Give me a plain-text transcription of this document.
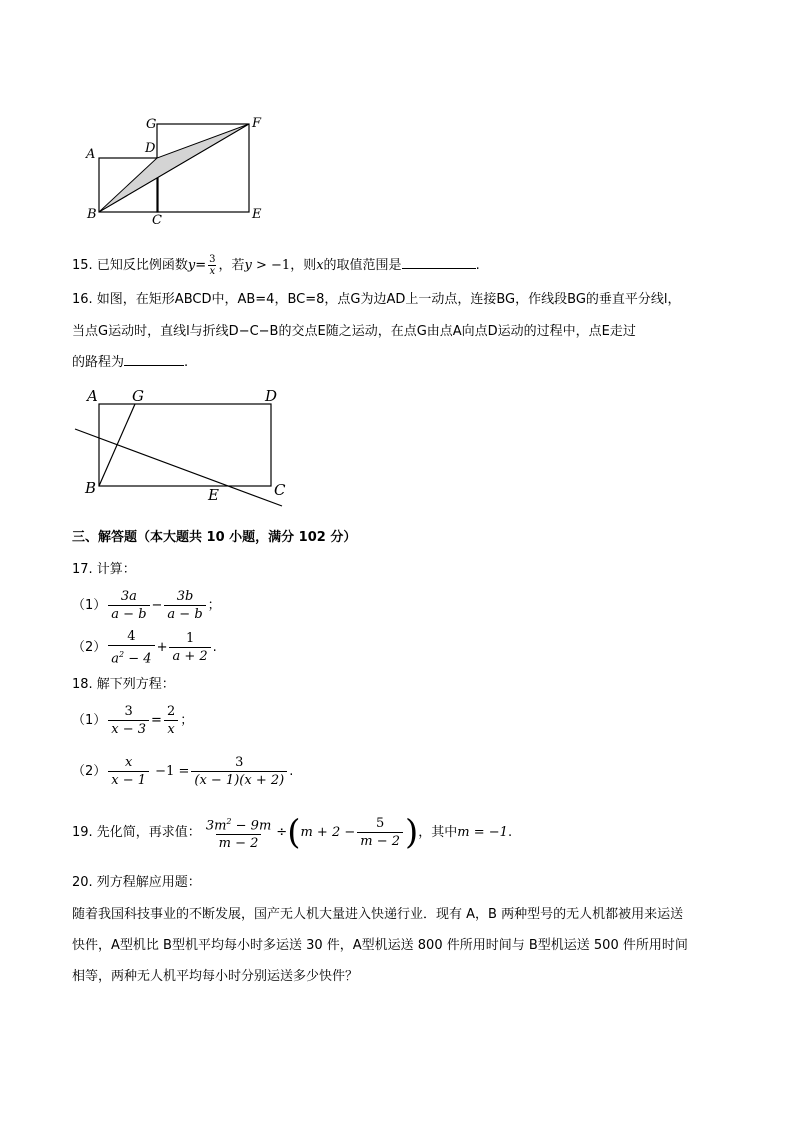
G	F
A	D
B	C	E
15. 已知反比例函数$y= \frac{3}{x}$ ，若y > −1，则x的取值范围是	.
16. 如图，在矩形ABCD中，AB=4，BC=8，点G为边AD上一动点，连接BG，作线段BG的垂直平分线l，
当点G运动时，直线l与折线D−C−B的交点E随之运动，在点G由点A向点D运动的过程中，点E走过
的路程为	.
A G	D
B	E	C
三、解答题（本大题共 10 小题，满分 102 分）
17. 计算：
$(1) \frac{3a}{a - b} - \frac{3b}{a - b}$ ；
$(2) \frac{4}{a^2 - 4} + \frac{1}{a + 2}$ .
18. 解下列方程：
$(1) \frac{3}{x - 3} = \frac{2}{x}$ ；
$(2) \frac{x}{x - 1} -1 = \frac{3}{(x - 1)(x + 2)}$ .
19. 先化简，再求值： $\frac{3m^2 - 9m}{m - 2} \div(m + 2 - \frac{5}{m - 2}$ )，其中m = −1.
20. 列方程解应用题：
随着我国科技事业的不断发展，国产无人机大量进入快递行业．现有 A，B 两种型号的无人机都被用来运送
快件，A型机比 B型机平均每小时多运送 30 件，A型机运送 800 件所用时间与 B型机运送 500 件所用时间
相等，两种无人机平均每小时分别运送多少快件？
